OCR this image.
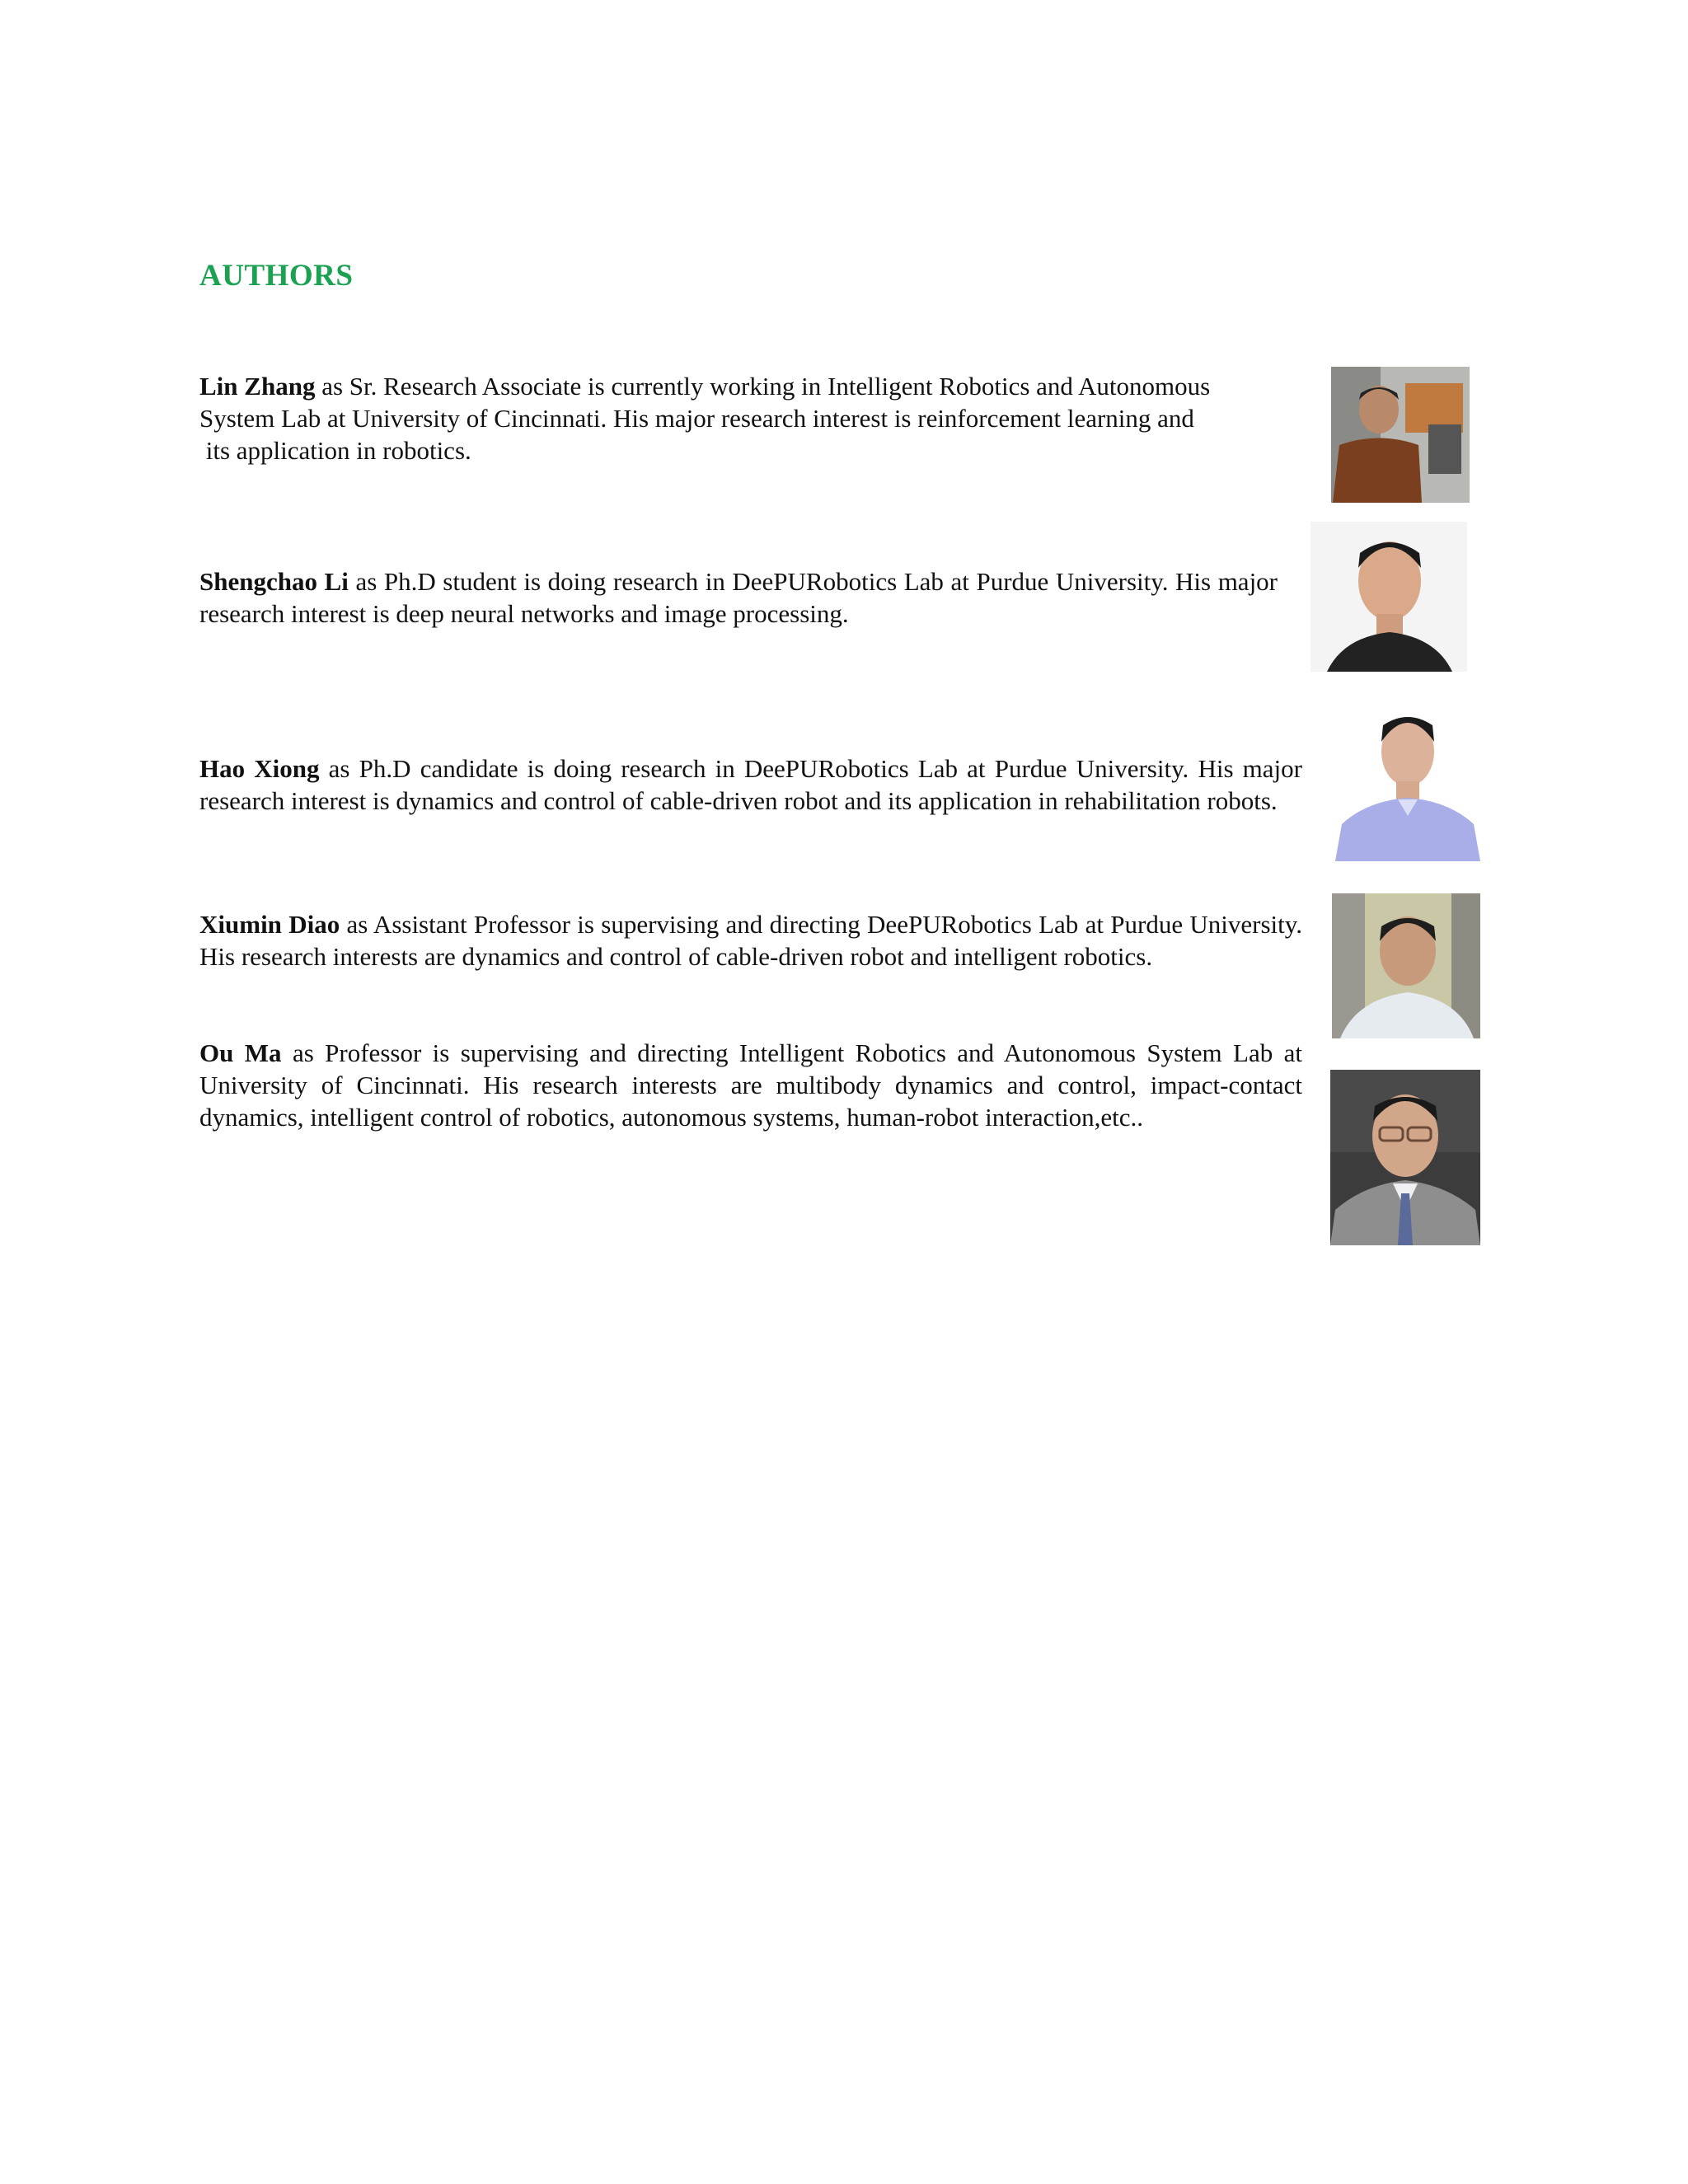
AUTHORS
Lin Zhang as Sr. Research Associate is currently working in Intelligent Robotics and Autonomous
System Lab at University of Cincinnati. His major research interest is reinforcement learning and
its application in robotics.
Shengchao Li as Ph.D student is doing research in DeePURobotics Lab at Purdue University. His major research interest is deep neural networks and image processing.
Hao Xiong as Ph.D candidate is doing research in DeePURobotics Lab at Purdue University. His major research interest is dynamics and control of cable-driven robot and its application in rehabilitation robots.
Xiumin Diao as Assistant Professor is supervising and directing DeePURobotics Lab at Purdue University. His research interests are dynamics and control of cable-driven robot and intelligent robotics.
Ou Ma as Professor is supervising and directing Intelligent Robotics and Autonomous System Lab at University of Cincinnati. His research interests are multibody dynamics and control, impact-contact dynamics, intelligent control of robotics, autonomous systems, human-robot interaction,etc..
